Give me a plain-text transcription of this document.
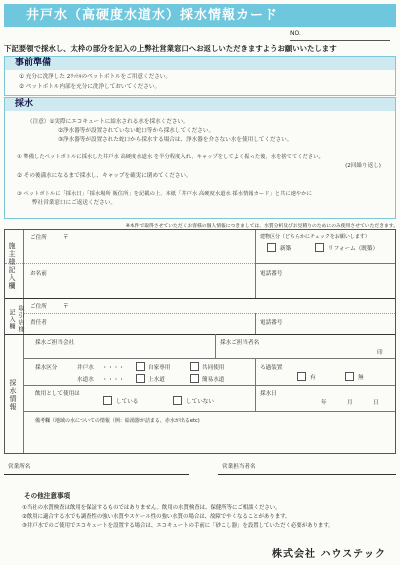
井戸水（高硬度水道水）採水情報カード
NO.
下記要領で採水し、太枠の部分を記入の上弊社営業窓口へお返しいただきますようお願いいたします
事前準備
① 充分に洗浄した 2ﾘｯﾄﾙのペットボトルをご用意ください。
② ペットボトル内部を充分に洗浄しておいてください。
採水
（注意）①実際にエコキュートに給水される水を採水ください。
②浄水器等が設置されていない蛇口等から採水してください。
③浄水器等が設置された蛇口から採水する場合は、浄水器を介さない水を使用してください。
① 準備したペットボトルに採水した井戸水 高硬度水道水 を半分程度入れ、キャップをしてよく振った後、水を捨ててください。
(2回繰り返し)
② その後満水になるまで採水し、キャップを確実に閉めてください。
③ ペットボトルに「採水日」「採水場所 販住所」を記載の上、本紙「井戸水 高硬度水道水 採水情報カード」と共に速やかに
弊社営業窓口にご返送ください。
※本件で取得させていただくお客様の個人情報につきましては、水質分析及びお見積りのためにのみ使用させていただきます。
施主様記入欄
ご住所	〒	建物区分（どちらかにチェックをお願いします）
新築	リフォーム（既築）
お名前	電話番号
取引店様記入欄
ご住所	〒
責任者	電話番号
採水情報
採水ご担当会社	採水ご担当者名
印
採水区分	井戸水 ・・・・	自家専用	共同使用
水道水 ・・・・	上水道	簡易水道
ろ過装置
有	無
飲用として使用は
している	していない
採水日
年	月	日
備考欄（地域の水についての情報（例：給湯器が詰まる、赤水が出るetc)
営業所名	営業担当者名
その他注意事項
①当社の水質検査は飲用を保証するものではありません。飲用の水質検査は、保健所等にご相談ください。
②飲用に適合する水でも調査性の強い水質やスケール性の強い水質の場合は、故障でやくなることがあります。
③井戸水でのご使用でエコキュートを設置する場合は、エコキュートの手前に「砂こし器」を設置していただく必要があります。
株式会社 ハウステック
